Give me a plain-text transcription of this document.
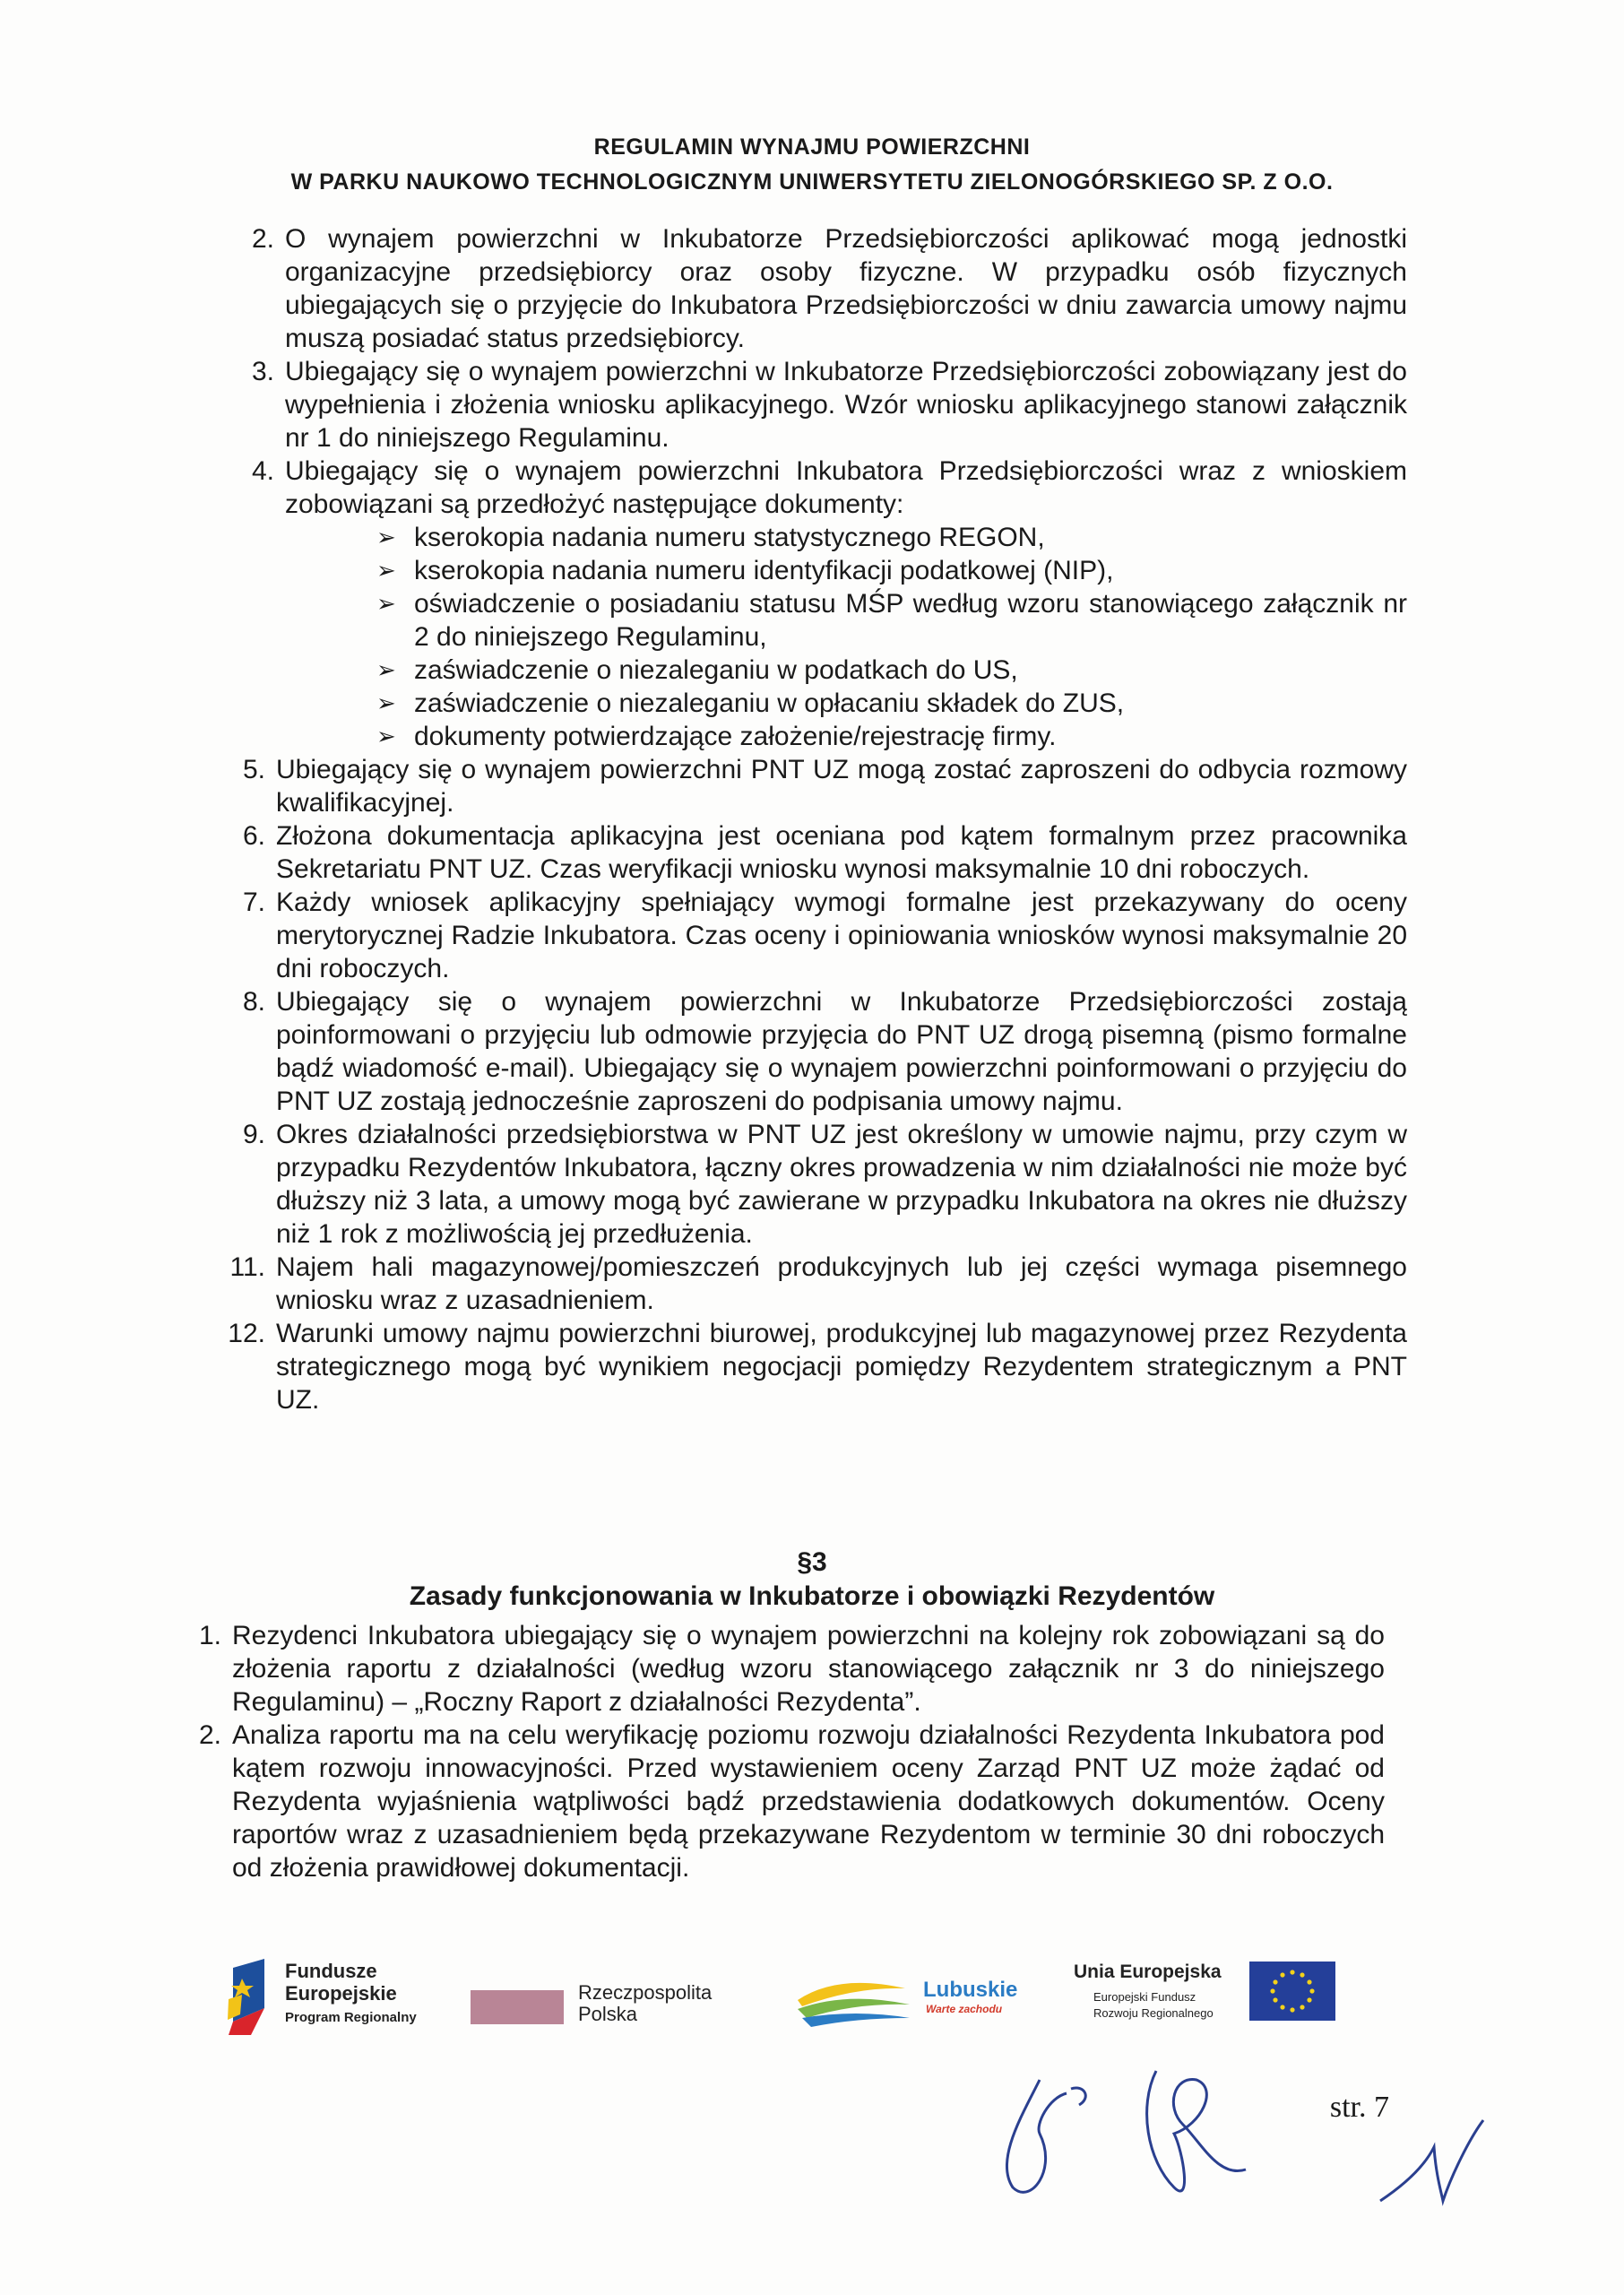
REGULAMIN WYNAJMU POWIERZCHNI
W PARKU NAUKOWO TECHNOLOGICZNYM UNIWERSYTETU ZIELONOGÓRSKIEGO SP. Z O.O.
2. O wynajem powierzchni w Inkubatorze Przedsiębiorczości aplikować mogą jednostki organizacyjne przedsiębiorcy oraz osoby fizyczne. W przypadku osób fizycznych ubiegających się o przyjęcie do Inkubatora Przedsiębiorczości w dniu zawarcia umowy najmu muszą posiadać status przedsiębiorcy.
3. Ubiegający się o wynajem powierzchni w Inkubatorze Przedsiębiorczości zobowiązany jest do wypełnienia i złożenia wniosku aplikacyjnego. Wzór wniosku aplikacyjnego stanowi załącznik nr 1 do niniejszego Regulaminu.
4. Ubiegający się o wynajem powierzchni Inkubatora Przedsiębiorczości wraz z wnioskiem zobowiązani są przedłożyć następujące dokumenty:
➢ kserokopia nadania numeru statystycznego REGON,
➢ kserokopia nadania numeru identyfikacji podatkowej (NIP),
➢ oświadczenie o posiadaniu statusu MŚP według wzoru stanowiącego załącznik nr 2 do niniejszego Regulaminu,
➢ zaświadczenie o niezaleganiu w podatkach do US,
➢ zaświadczenie o niezaleganiu w opłacaniu składek do ZUS,
➢ dokumenty potwierdzające założenie/rejestrację firmy.
5. Ubiegający się o wynajem powierzchni PNT UZ mogą zostać zaproszeni do odbycia rozmowy kwalifikacyjnej.
6. Złożona dokumentacja aplikacyjna jest oceniana pod kątem formalnym przez pracownika Sekretariatu PNT UZ. Czas weryfikacji wniosku wynosi maksymalnie 10 dni roboczych.
7. Każdy wniosek aplikacyjny spełniający wymogi formalne jest przekazywany do oceny merytorycznej Radzie Inkubatora. Czas oceny i opiniowania wniosków wynosi maksymalnie 20 dni roboczych.
8. Ubiegający się o wynajem powierzchni w Inkubatorze Przedsiębiorczości zostają poinformowani o przyjęciu lub odmowie przyjęcia do PNT UZ drogą pisemną (pismo formalne bądź wiadomość e-mail). Ubiegający się o wynajem powierzchni poinformowani o przyjęciu do PNT UZ zostają jednocześnie zaproszeni do podpisania umowy najmu.
9. Okres działalności przedsiębiorstwa w PNT UZ jest określony w umowie najmu, przy czym w przypadku Rezydentów Inkubatora, łączny okres prowadzenia w nim działalności nie może być dłuższy niż 3 lata, a umowy mogą być zawierane w przypadku Inkubatora na okres nie dłuższy niż 1 rok z możliwością jej przedłużenia.
11. Najem hali magazynowej/pomieszczeń produkcyjnych lub jej części wymaga pisemnego wniosku wraz z uzasadnieniem.
12. Warunki umowy najmu powierzchni biurowej, produkcyjnej lub magazynowej przez Rezydenta strategicznego mogą być wynikiem negocjacji pomiędzy Rezydentem strategicznym a PNT UZ.
§3
Zasady funkcjonowania w Inkubatorze i obowiązki Rezydentów
1. Rezydenci Inkubatora ubiegający się o wynajem powierzchni na kolejny rok zobowiązani są do złożenia raportu z działalności (według wzoru stanowiącego załącznik nr 3 do niniejszego Regulaminu) – „Roczny Raport z działalności Rezydenta”.
2. Analiza raportu ma na celu weryfikację poziomu rozwoju działalności Rezydenta Inkubatora pod kątem rozwoju innowacyjności. Przed wystawieniem oceny Zarząd PNT UZ może żądać od Rezydenta wyjaśnienia wątpliwości bądź przedstawienia dodatkowych dokumentów. Oceny raportów wraz z uzasadnieniem będą przekazywane Rezydentom w terminie 30 dni roboczych od złożenia prawidłowej dokumentacji.
Fundusze
Europejskie
Program Regionalny
Rzeczpospolita
Polska
Lubuskie
Warte zachodu
Unia Europejska
Europejski Fundusz
Rozwoju Regionalnego
str. 7
